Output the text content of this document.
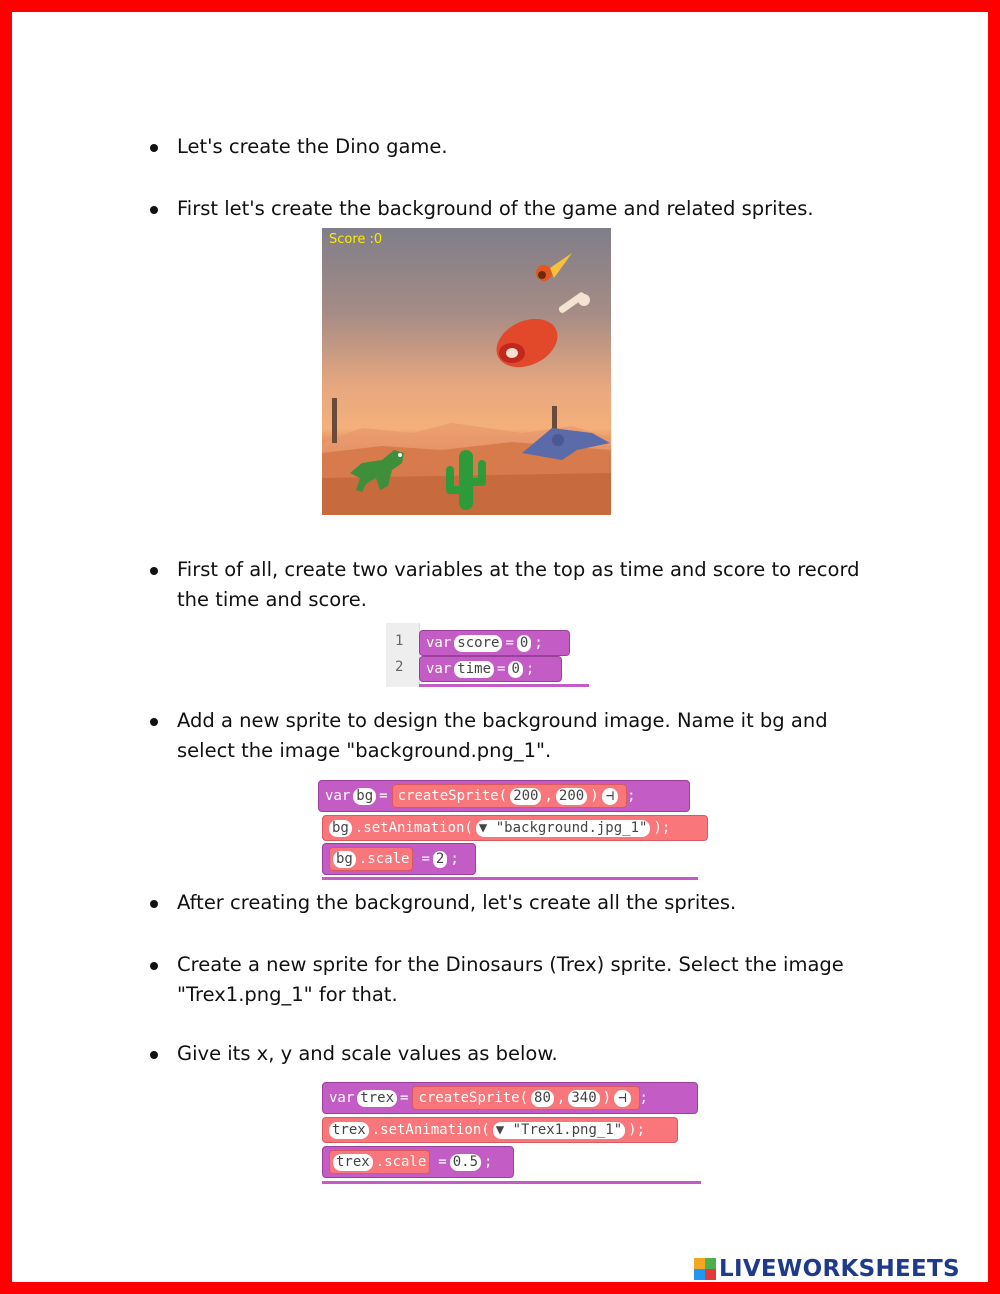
Let's create the Dino game.
First let's create the background of the game and related sprites.
Score :0
First of all, create two variables at the top as time and score to record the time and score.
1
2
var score = 0 ;
var time = 0 ;
Add a new sprite to design the background image. Name it bg and select the image "background.png_1".
var bg = createSprite ( 200 , 200 ) ⊣ ;
bg .setAnimation ( ▼ "background.jpg_1" ) ;
bg .scale = 2 ;
After creating the background, let's create all the sprites.
Create a new sprite for the Dinosaurs (Trex) sprite. Select the image "Trex1.png_1" for that.
Give its x, y and scale values as below.
var trex = createSprite ( 80 , 340 ) ⊣ ;
trex .setAnimation ( ▼ "Trex1.png_1" ) ;
trex .scale = 0.5 ;
LIVEWORKSHEETS
